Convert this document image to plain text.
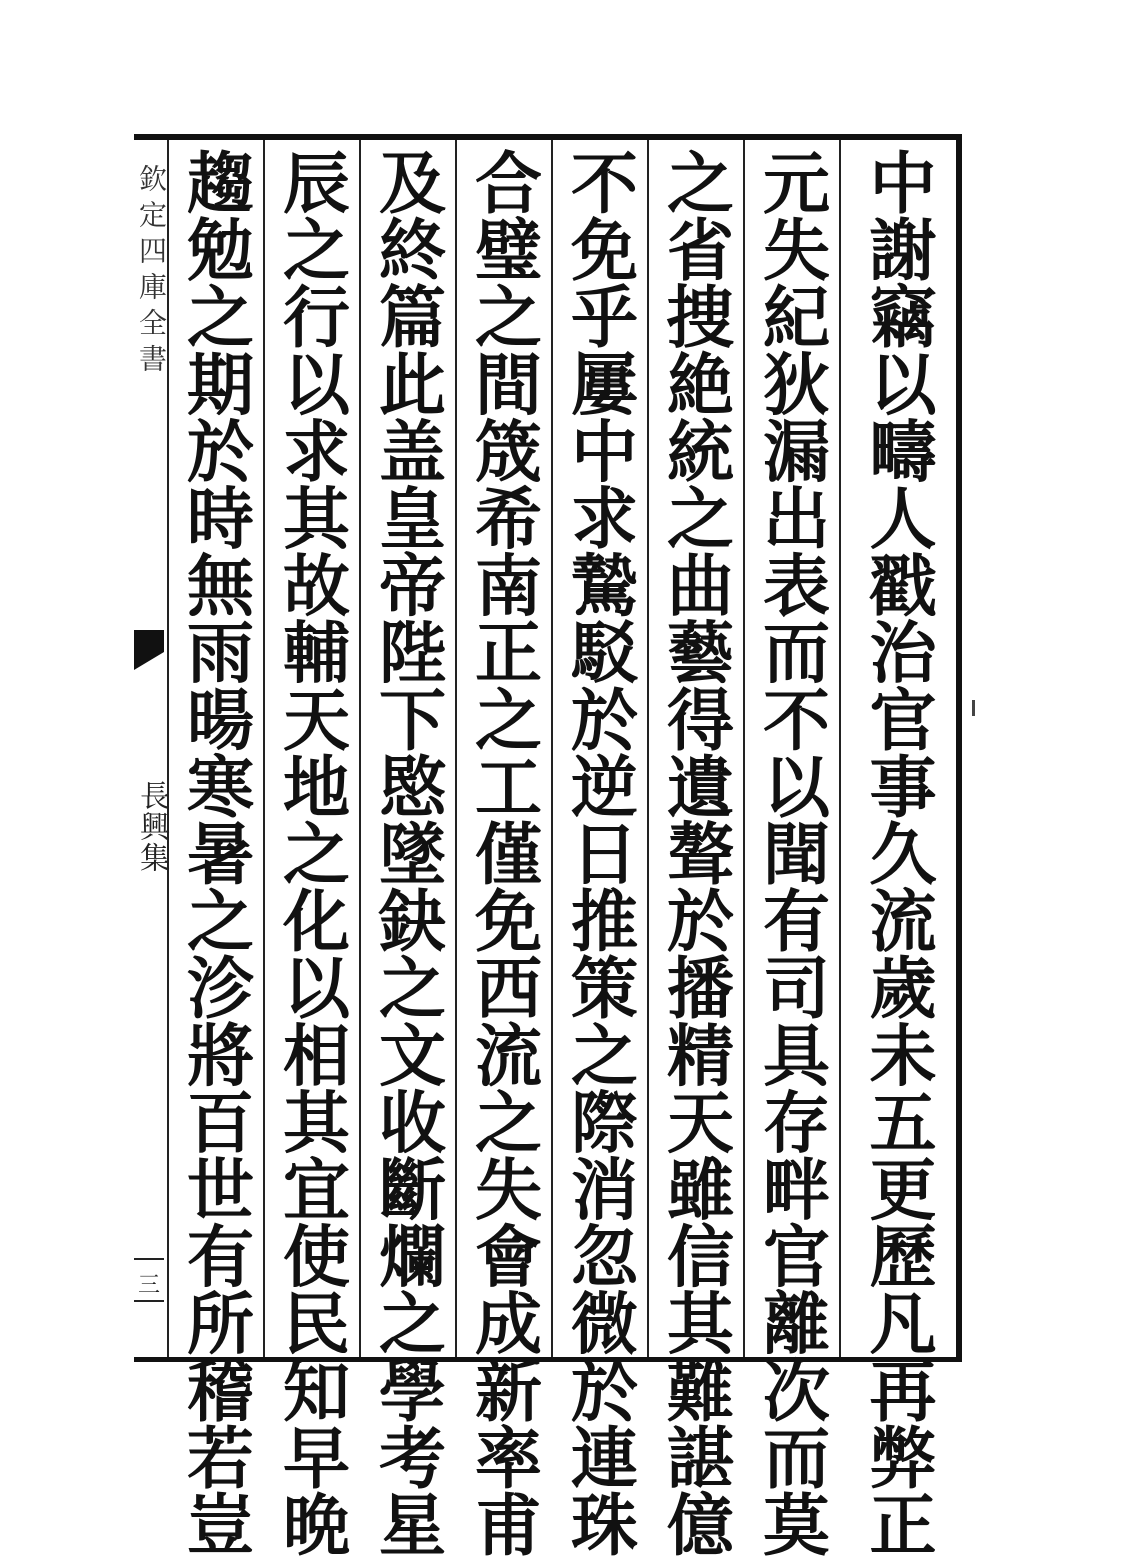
欽定四庫全書
長興集
三	中謝竊以疇人戳治官事久流歲未五更歷凡再弊正
元失紀狄漏出表而不以聞有司具存畔官離次而莫
之省捜絶統之曲藝得遺聱於播精天雖信其難諶億
不免乎屢中求騺駁於逆日推策之際消忽微於連珠
合璧之間筬希南正之工僅免西流之失會成新率甫
及終篇此盖皇帝陛下愍墜鈌之文收斷爛之學考星
辰之行以求其故輔天地之化以相其宜使民知早晩
趨勉之期於時無雨暘寒暑之沴將百世有所稽若豈
